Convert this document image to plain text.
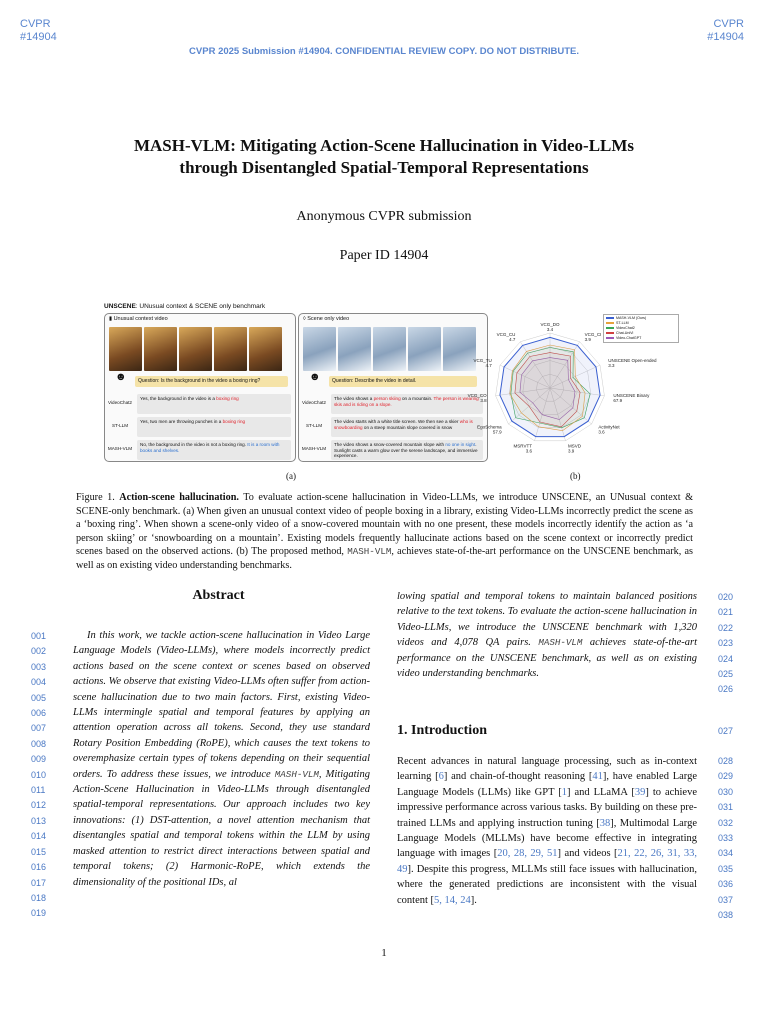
CVPR
#14904
CVPR
#14904
CVPR 2025 Submission #14904. CONFIDENTIAL REVIEW COPY. DO NOT DISTRIBUTE.
MASH-VLM: Mitigating Action-Scene Hallucination in Video-LLMs
through Disentangled Spatial-Temporal Representations
Anonymous CVPR submission
Paper ID 14904
UNSCENE: UNusual context & SCENE only benchmark
▮ Unusual context video
☻	Question: Is the background in the video a boxing ring?
VideoChat2
Yes, the background in the video is a boxing ring
ST-LLM
Yes, two men are throwing punches in a boxing ring
MASH-VLM
No, the background in the video is not a boxing ring. It is a room with books and shelves.
◊ Scene only video
☻	Question: Describe the video in detail.
VideoChat2
The video shows a person skiing on a mountain. The person is wearing skis and is riding on a slope.
ST-LLM
The video starts with a white title screen. We then see a skier who is snowboarding on a steep mountain slope covered in snow
MASH-VLM
The video shows a snow-covered mountain slope with no one in sight. Sunlight casts a warm glow over the serene landscape, and immersive experience.
(a)
VCG_DO
3.4
VCG_CI
3.9
UNSCENE Open-ended
3.3
UNSCENE Binary
67.9
ActivityNet
3.6
MSVD
3.9
MSRVTT
3.6
EgoSchema
57.9
VCG_CO
3.8
VCG_TU
4.7
VCG_CU
4.7
MASH-VLM (Ours)
ST-LLM
VideoChat2
Chat-UniVi
Video-ChatGPT
(b)
Figure 1. Action-scene hallucination. To evaluate action-scene hallucination in Video-LLMs, we introduce UNSCENE, an UNusual context & SCENE-only benchmark. (a) When given an unusual context video of people boxing in a library, existing Video-LLMs incorrectly predict the scene as a ‘boxing ring’. When shown a scene-only video of a snow-covered mountain with no one present, these models incorrectly identify the action as ‘a person skiing’ or ‘snowboarding on a mountain’. Existing models frequently hallucinate actions based on the scene context or incorrectly predict scenes based on the observed actions. (b) The proposed method, MASH-VLM, achieves state-of-the-art performance on the UNSCENE benchmark, as well as on existing video understanding benchmarks.
Abstract
In this work, we tackle action-scene hallucination in Video Large Language Models (Video-LLMs), where models incorrectly predict actions based on the scene context or scenes based on observed actions. We observe that existing Video-LLMs often suffer from action-scene hallucination due to two main factors. First, existing Video-LLMs intermingle spatial and temporal features by applying an attention operation across all tokens. Second, they use standard Rotary Position Embedding (RoPE), which causes the text tokens to overemphasize certain types of tokens depending on their sequential orders. To address these issues, we introduce MASH-VLM, Mitigating Action-Scene Hallucination in Video-LLMs through disentangled spatial-temporal representations. Our approach includes two key innovations: (1) DST-attention, a novel attention mechanism that disentangles spatial and temporal tokens within the LLM by using masked attention to restrict direct interactions between spatial and temporal tokens; (2) Harmonic-RoPE, which extends the dimensionality of the positional IDs, al
lowing spatial and temporal tokens to maintain balanced positions relative to the text tokens. To evaluate the action-scene hallucination in Video-LLMs, we introduce the UNSCENE benchmark with 1,320 videos and 4,078 QA pairs. MASH-VLM achieves state-of-the-art performance on the UNSCENE benchmark, as well as on existing video understanding benchmarks.
1. Introduction
Recent advances in natural language processing, such as in-context learning [6] and chain-of-thought reasoning [41], have enabled Large Language Models (LLMs) like GPT [1] and LLaMA [39] to achieve impressive performance across various tasks. By building on these pre-trained LLMs and applying instruction tuning [38], Multimodal Large Language Models (MLLMs) have become effective in integrating language with images [20, 28, 29, 51] and videos [21, 22, 26, 31, 33, 49]. Despite this progress, MLLMs still face issues with hallucination, where the generated predictions are inconsistent with the visual content [5, 14, 24].
001
002
003
004
005
006
007
008
009
010
011
012
013
014
015
016
017
018
019
020
021
022
023
024
025
026
027
028
029
030
031
032
033
034
035
036
037
038
1
